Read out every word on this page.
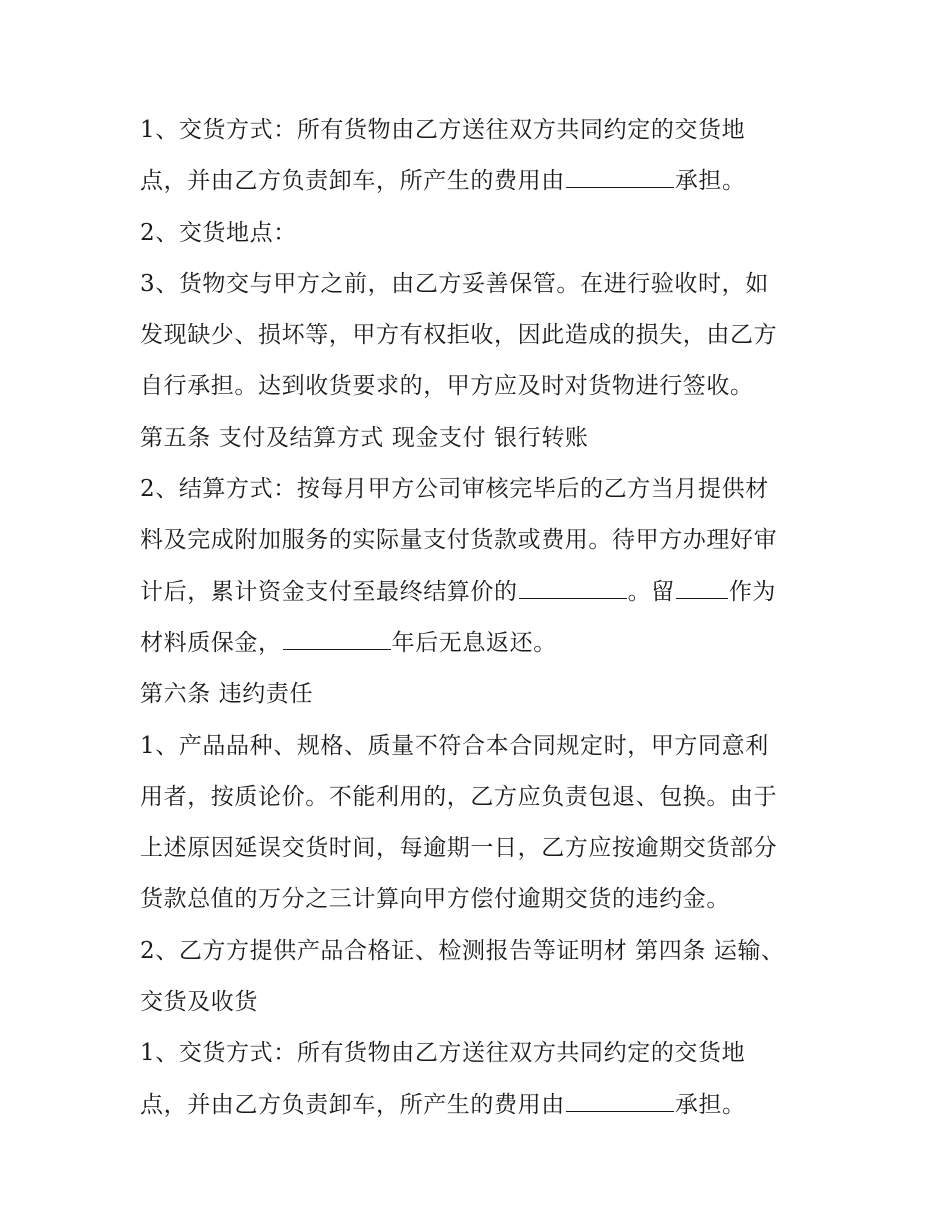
1、交货方式：所有货物由乙方送往双方共同约定的交货地
点，并由乙方负责卸车，所产生的费用由	承担。
2、交货地点：
3、货物交与甲方之前，由乙方妥善保管。在进行验收时，如
发现缺少、损坏等，甲方有权拒收，因此造成的损失，由乙方
自行承担。达到收货要求的，甲方应及时对货物进行签收。
第五条 支付及结算方式 现金支付 银行转账
2、结算方式：按每月甲方公司审核完毕后的乙方当月提供材
料及完成附加服务的实际量支付货款或费用。待甲方办理好审
计后，累计资金支付至最终结算价的	。留 作为
材料质保金，	年后无息返还。
第六条 违约责任
1、产品品种、规格、质量不符合本合同规定时，甲方同意利
用者，按质论价。不能利用的，乙方应负责包退、包换。由于
上述原因延误交货时间，每逾期一日，乙方应按逾期交货部分
货款总值的万分之三计算向甲方偿付逾期交货的违约金。
2、乙方方提供产品合格证、检测报告等证明材 第四条 运输、
交货及收货
1、交货方式：所有货物由乙方送往双方共同约定的交货地
点，并由乙方负责卸车，所产生的费用由	承担。
